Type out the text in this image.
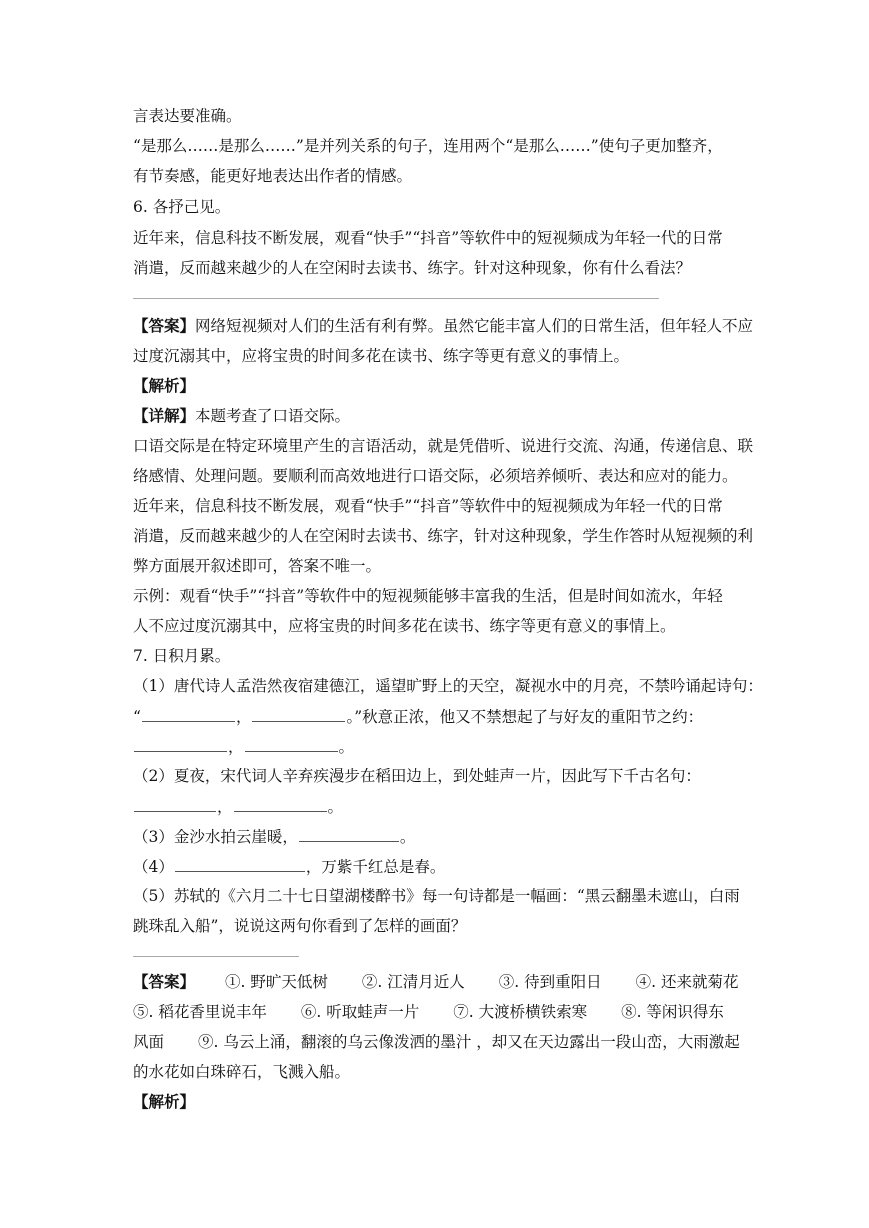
言表达要准确。
“是那么……是那么……”是并列关系的句子，连用两个“是那么……”使句子更加整齐，
有节奏感，能更好地表达出作者的情感。
6. 各抒己见。
近年来，信息科技不断发展，观看“快手”“抖音”等软件中的短视频成为年轻一代的日常
消遣，反而越来越少的人在空闲时去读书、练字。针对这种现象，你有什么看法？
【答案】网络短视频对人们的生活有利有弊。虽然它能丰富人们的日常生活，但年轻人不应
过度沉溺其中，应将宝贵的时间多花在读书、练字等更有意义的事情上。
【解析】
【详解】本题考查了口语交际。
口语交际是在特定环境里产生的言语活动，就是凭借听、说进行交流、沟通，传递信息、联
络感情、处理问题。要顺利而高效地进行口语交际，必须培养倾听、表达和应对的能力。
近年来，信息科技不断发展，观看“快手”“抖音”等软件中的短视频成为年轻一代的日常
消遣，反而越来越少的人在空闲时去读书、练字，针对这种现象，学生作答时从短视频的利
弊方面展开叙述即可，答案不唯一。
示例：观看“快手”“抖音”等软件中的短视频能够丰富我的生活，但是时间如流水，年轻
人不应过度沉溺其中，应将宝贵的时间多花在读书、练字等更有意义的事情上。
7. 日积月累。
（1）唐代诗人孟浩然夜宿建德江，遥望旷野上的天空，凝视水中的月亮，不禁吟诵起诗句：
“	，	。”秋意正浓，他又不禁想起了与好友的重阳节之约：
，	。
（2）夏夜，宋代词人辛弃疾漫步在稻田边上，到处蛙声一片，因此写下千古名句：
，	。
（3）金沙水拍云崖暖，	。
（4）	，万紫千红总是春。
（5）苏轼的《六月二十七日望湖楼醉书》每一句诗都是一幅画：“黑云翻墨未遮山，白雨
跳珠乱入船”，说说这两句你看到了怎样的画面？
【答案】 ①. 野旷天低树 ②. 江清月近人 ③. 待到重阳日 ④. 还来就菊花
⑤. 稻花香里说丰年 ⑥. 听取蛙声一片 ⑦. 大渡桥横铁索寒 ⑧. 等闲识得东
风面 ⑨. 乌云上涌，翻滚的乌云像泼洒的墨汁 ，却又在天边露出一段山峦，大雨激起
的水花如白珠碎石，飞溅入船。
【解析】
